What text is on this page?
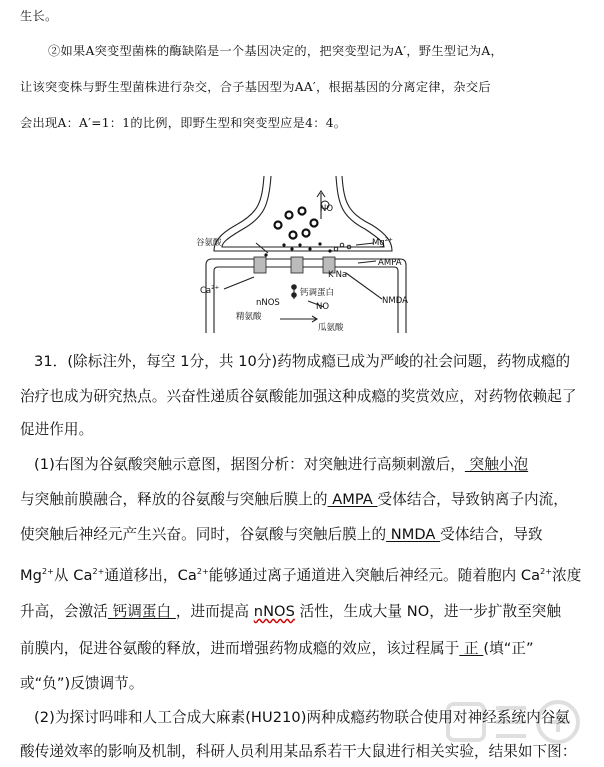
生长。
②如果A突变型菌株的酶缺陷是一个基因决定的，把突变型记为A′，野生型记为A，
让该突变株与野生型菌株进行杂交，合子基因型为AA′，根据基因的分离定律，杂交后
会出现A：A′=1：1的比例，即野生型和突变型应是4：4。
NO
谷氨酸	$Mg^{2+}$
K Na
AMPA
$Ca^{2+}$	钙调蛋白
nNOS	NO
NMDA
精氨酸
瓜氨酸
31．(除标注外，每空 1分，共 10分)药物成瘾已成为严峻的社会问题，药物成瘾的
治疗也成为研究热点。兴奋性递质谷氨酸能加强这种成瘾的奖赏效应，对药物依赖起了
促进作用。
(1)右图为谷氨酸突触示意图，据图分析：对突触进行高频刺激后， 突触小泡
与突触前膜融合，释放的谷氨酸与突触后膜上的 AMPA 受体结合，导致钠离子内流，
使突触后神经元产生兴奋。同时，谷氨酸与突触后膜上的 NMDA 受体结合，导致
$Mg^{2+}$从 $Ca^{2+}$通道移出，$Ca^{2+}$能够通过离子通道进入突触后神经元。随着胞内 $Ca^{2+}$浓度
升高，会激活 钙调蛋白 ，进而提高 nNOS 活性，生成大量 NO，进一步扩散至突触
前膜内，促进谷氨酸的释放，进而增强药物成瘾的效应，该过程属于 正 (填“正”
或“负”)反馈调节。
(2)为探讨吗啡和人工合成大麻素(HU210)两种成瘾药物联合使用对神经系统内谷氨
酸传递效率的影响及机制，科研人员利用某品系若干大鼠进行相关实验，结果如下图：
